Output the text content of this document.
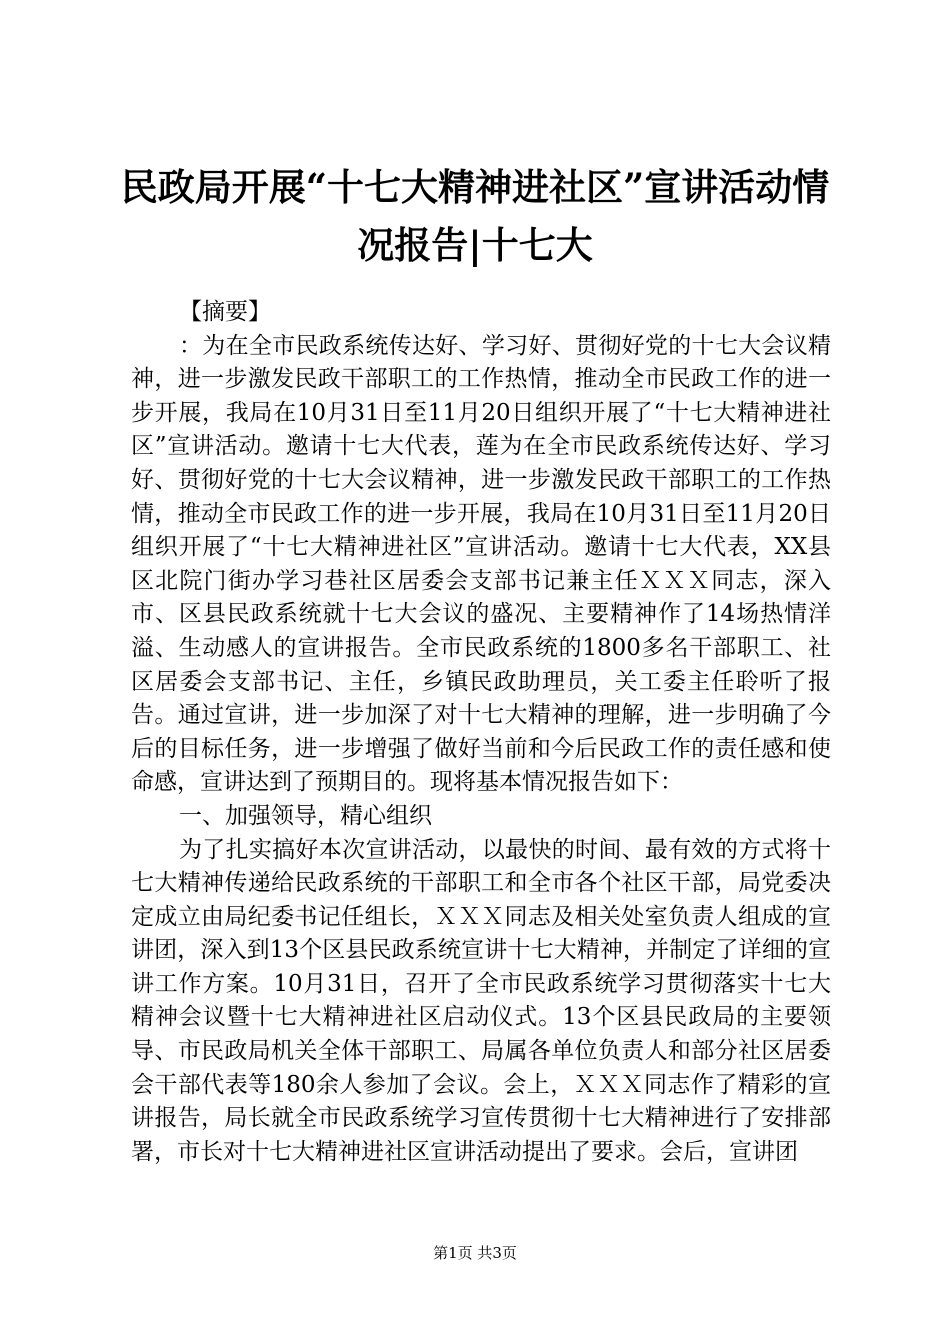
民政局开展“十七大精神进社区”宣讲活动情况报告|十七大

【摘要】

：为在全市民政系统传达好、学习好、贯彻好党的十七大会议精神，进一步激发民政干部职工的工作热情，推动全市民政工作的进一步开展，我局在10月31日至11月20日组织开展了“十七大精神进社区”宣讲活动。邀请十七大代表，莲为在全市民政系统传达好、学习好、贯彻好党的十七大会议精神，进一步激发民政干部职工的工作热情，推动全市民政工作的进一步开展，我局在10月31日至11月20日组织开展了“十七大精神进社区”宣讲活动。邀请十七大代表，XX县区北院门街办学习巷社区居委会支部书记兼主任ＸＸＸ同志，深入市、区县民政系统就十七大会议的盛况、主要精神作了14场热情洋溢、生动感人的宣讲报告。全市民政系统的1800多名干部职工、社区居委会支部书记、主任，乡镇民政助理员，关工委主任聆听了报告。通过宣讲，进一步加深了对十七大精神的理解，进一步明确了今后的目标任务，进一步增强了做好当前和今后民政工作的责任感和使命感，宣讲达到了预期目的。现将基本情况报告如下：

一、加强领导，精心组织

为了扎实搞好本次宣讲活动，以最快的时间、最有效的方式将十七大精神传递给民政系统的干部职工和全市各个社区干部，局党委决定成立由局纪委书记任组长，ＸＸＸ同志及相关处室负责人组成的宣讲团，深入到13个区县民政系统宣讲十七大精神，并制定了详细的宣讲工作方案。10月31日，召开了全市民政系统学习贯彻落实十七大精神会议暨十七大精神进社区启动仪式。13个区县民政局的主要领导、市民政局机关全体干部职工、局属各单位负责人和部分社区居委会干部代表等180余人参加了会议。会上，ＸＸＸ同志作了精彩的宣讲报告，局长就全市民政系统学习宣传贯彻十七大精神进行了安排部署，市长对十七大精神进社区宣讲活动提出了要求。会后，宣讲团

第1页 共3页
